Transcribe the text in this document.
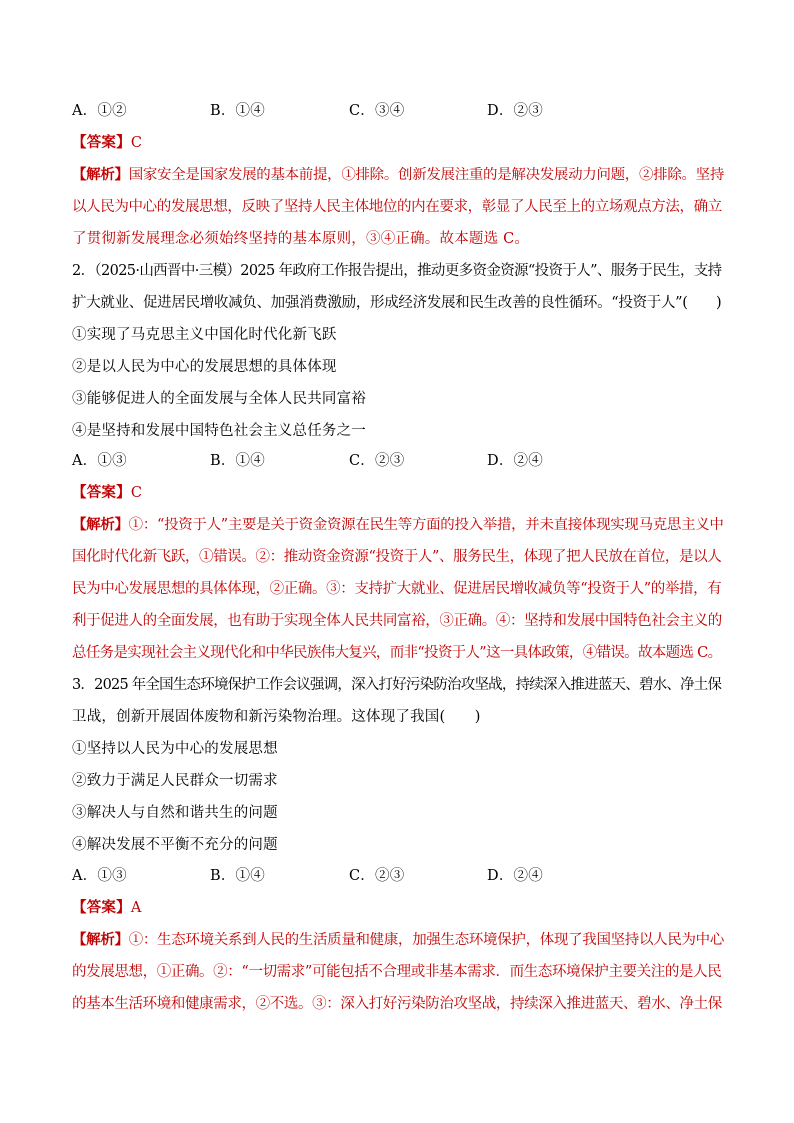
A．①②	B．①④	C．③④	D．②③
【答案】C
【解析】国家安全是国家发展的基本前提，①排除。创新发展注重的是解决发展动力问题，②排除。坚持
以人民为中心的发展思想，反映了坚持人民主体地位的内在要求，彰显了人民至上的立场观点方法，确立
了贯彻新发展理念必须始终坚持的基本原则，③④正确。故本题选 C。
2．（2025·山西晋中·三模）2025 年政府工作报告提出，推动更多资金资源“投资于人”、服务于民生，支持
扩大就业、促进居民增收减负、加强消费激励，形成经济发展和民生改善的良性循环。“投资于人”(　　)
①实现了马克思主义中国化时代化新飞跃
②是以人民为中心的发展思想的具体体现
③能够促进人的全面发展与全体人民共同富裕
④是坚持和发展中国特色社会主义总任务之一
A．①③	B．①④	C．②③	D．②④
【答案】C
【解析】①：“投资于人”主要是关于资金资源在民生等方面的投入举措，并未直接体现实现马克思主义中
国化时代化新飞跃，①错误。②：推动资金资源“投资于人”、服务民生，体现了把人民放在首位，是以人
民为中心发展思想的具体体现，②正确。③：支持扩大就业、促进居民增收减负等“投资于人”的举措，有
利于促进人的全面发展，也有助于实现全体人民共同富裕，③正确。④：坚持和发展中国特色社会主义的
总任务是实现社会主义现代化和中华民族伟大复兴，而非“投资于人”这一具体政策，④错误。故本题选 C。
3．2025 年全国生态环境保护工作会议强调，深入打好污染防治攻坚战，持续深入推进蓝天、碧水、净土保
卫战，创新开展固体废物和新污染物治理。这体现了我国(　　)
①坚持以人民为中心的发展思想
②致力于满足人民群众一切需求
③解决人与自然和谐共生的问题
④解决发展不平衡不充分的问题
A．①③	B．①④	C．②③	D．②④
【答案】A
【解析】①：生态环境关系到人民的生活质量和健康，加强生态环境保护，体现了我国坚持以人民为中心
的发展思想，①正确。②：“一切需求”可能包括不合理或非基本需求．而生态环境保护主要关注的是人民
的基本生活环境和健康需求，②不选。③：深入打好污染防治攻坚战，持续深入推进蓝天、碧水、净土保
